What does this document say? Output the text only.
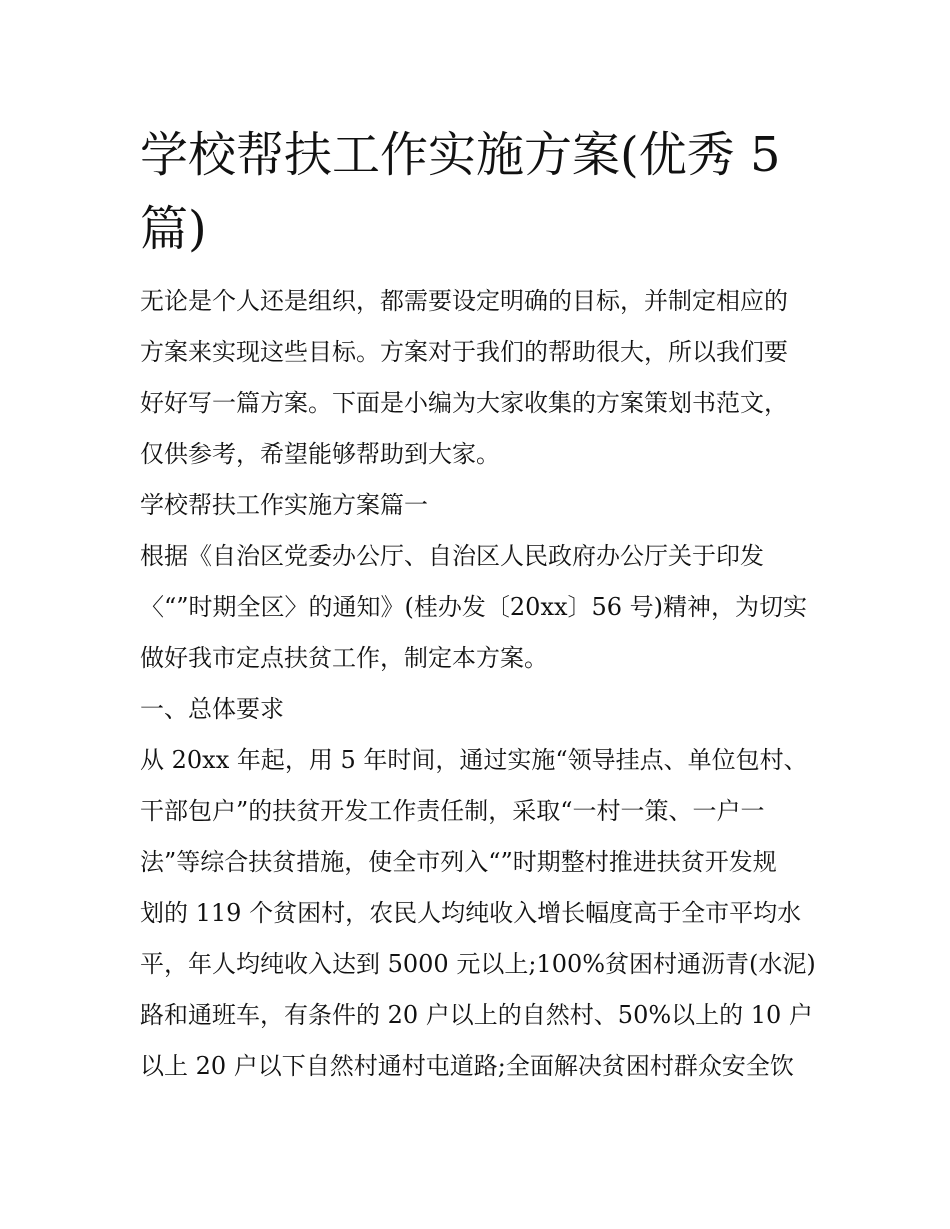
学校帮扶工作实施方案(优秀 5
篇)

无论是个人还是组织，都需要设定明确的目标，并制定相应的

方案来实现这些目标。方案对于我们的帮助很大，所以我们要

好好写一篇方案。下面是小编为大家收集的方案策划书范文，

仅供参考，希望能够帮助到大家。

学校帮扶工作实施方案篇一

根据《自治区党委办公厅、自治区人民政府办公厅关于印发

〈“”时期全区〉的通知》(桂办发〔20xx〕56 号)精神，为切实

做好我市定点扶贫工作，制定本方案。

一、总体要求

从 20xx 年起，用 5 年时间，通过实施“领导挂点、单位包村、

干部包户”的扶贫开发工作责任制，采取“一村一策、一户一

法”等综合扶贫措施，使全市列入“”时期整村推进扶贫开发规

划的 119 个贫困村，农民人均纯收入增长幅度高于全市平均水

平，年人均纯收入达到 5000 元以上;100%贫困村通沥青(水泥)

路和通班车，有条件的 20 户以上的自然村、50%以上的 10 户

以上 20 户以下自然村通村屯道路;全面解决贫困村群众安全饮
